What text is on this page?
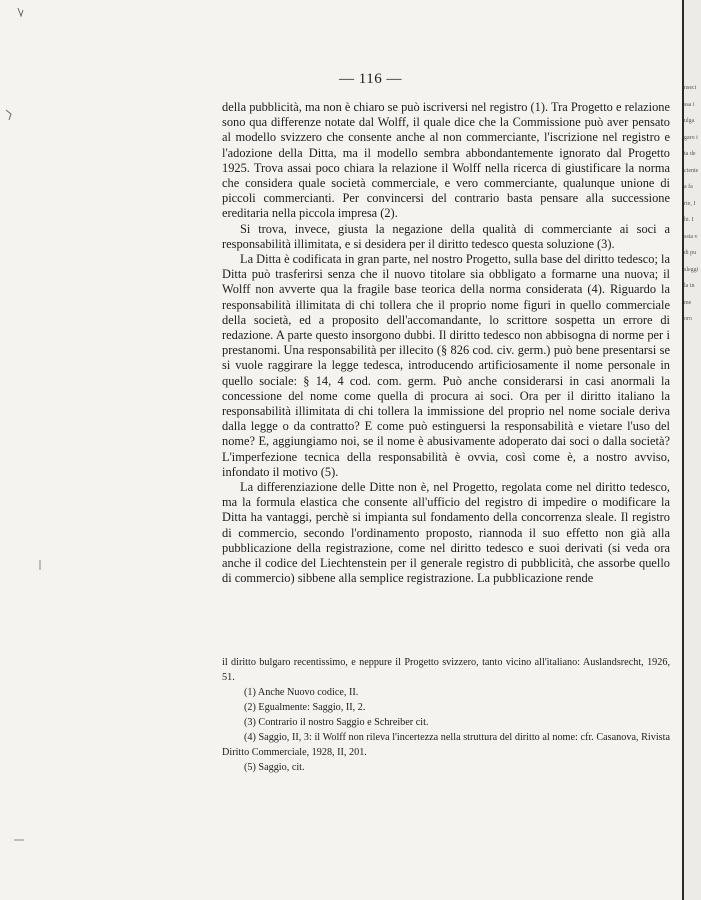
— 116 —

della pubblicità, ma non è chiaro se può iscriversi nel registro (1). Tra Progetto e relazione sono qua differenze notate dal Wolff, il quale dice che la Commissione può aver pensato al modello svizzero che consente anche al non commerciante, l'iscrizione nel registro e l'adozione della Ditta, ma il modello sembra abbondantemente ignorato dal Progetto 1925. Trova assai poco chiara la relazione il Wolff nella ricerca di giustificare la norma che considera quale società commerciale, e vero commerciante, qualunque unione di piccoli commercianti. Per convincersi del contrario basta pensare alla successione ereditaria nella piccola impresa (2).

Si trova, invece, giusta la negazione della qualità di commerciante ai soci a responsabilità illimitata, e si desidera per il diritto tedesco questa soluzione (3).

La Ditta è codificata in gran parte, nel nostro Progetto, sulla base del diritto tedesco; la Ditta può trasferirsi senza che il nuovo titolare sia obbligato a formarne una nuova; il Wolff non avverte qua la fragile base teorica della norma considerata (4). Riguardo la responsabilità illimitata di chi tollera che il proprio nome figuri in quello commerciale della società, ed a proposito dell'accomandante, lo scrittore sospetta un errore di redazione. A parte questo insorgono dubbi. Il diritto tedesco non abbisogna di norme per i prestanomi. Una responsabilità per illecito (§ 826 cod. civ. germ.) può bene presentarsi se si vuole raggirare la legge tedesca, introducendo artificiosamente il nome personale in quello sociale: § 14, 4 cod. com. germ. Può anche considerarsi in casi anormali la concessione del nome come quella di procura ai soci. Ora per il diritto italiano la responsabilità illimitata di chi tollera la immissione del proprio nel nome sociale deriva dalla legge o da contratto? E come può estinguersi la responsabilità e vietare l'uso del nome? E, aggiungiamo noi, se il nome è abusivamente adoperato dai soci o dalla società? L'imperfezione tecnica della responsabilità è ovvia, così come è, a nostro avviso, infondato il motivo (5).

La differenziazione delle Ditte non è, nel Progetto, regolata come nel diritto tedesco, ma la formula elastica che consente all'ufficio del registro di impedire o modificare la Ditta ha vantaggi, perchè si impianta sul fondamento della concorrenza sleale. Il registro di commercio, secondo l'ordinamento proposto, riannoda il suo effetto non già alla pubblicazione della registrazione, come nel diritto tedesco e suoi derivati (si veda ora anche il codice del Liechtenstein per il generale registro di pubblicità, che assorbe quello di commercio) sibbene alla semplice registrazione. La pubblicazione rende

il diritto bulgaro recentissimo, e neppure il Progetto svizzero, tanto vicino all'italiano: Auslandsrecht, 1926, 51.

(1) Anche Nuovo codice, II.

(2) Egualmente: Saggio, II, 2.

(3) Contrario il nostro Saggio e Schreiber cit.

(4) Saggio, II, 3: il Wolff non rileva l'incertezza nella struttura del diritto al nome: cfr. Casanova, Rivista Diritto Commerciale, 1928, II, 201.

(5) Saggio, cit.

nseci
ssa i
ulga
garo i
ta de
ciente
a fa
rie, I
hi. I
ssta v
di pu
sleggi
la in
me
oro
